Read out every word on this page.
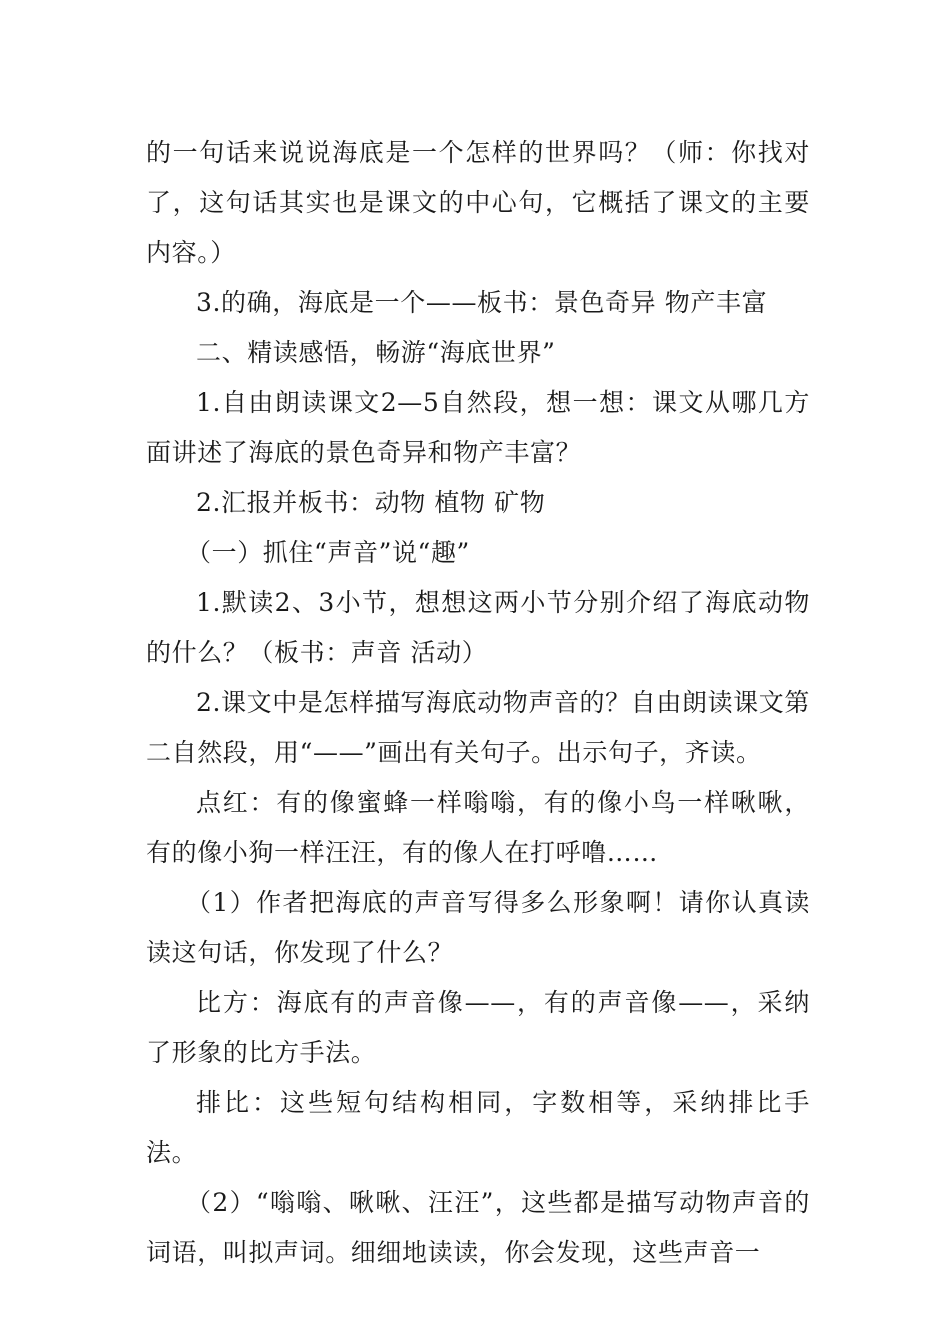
的一句话来说说海底是一个怎样的世界吗？（师：你找对了，这句话其实也是课文的中心句，它概括了课文的主要内容。）

3.的确，海底是一个——板书：景色奇异 物产丰富

二、精读感悟，畅游“海底世界”

1.自由朗读课文2—5自然段，想一想：课文从哪几方面讲述了海底的景色奇异和物产丰富？

2.汇报并板书：动物 植物 矿物

（一）抓住“声音”说“趣”

1.默读2、3小节，想想这两小节分别介绍了海底动物的什么？（板书：声音 活动）

2.课文中是怎样描写海底动物声音的？自由朗读课文第二自然段，用“——”画出有关句子。出示句子，齐读。

点红：有的像蜜蜂一样嗡嗡，有的像小鸟一样啾啾，有的像小狗一样汪汪，有的像人在打呼噜……

（1）作者把海底的声音写得多么形象啊！请你认真读读这句话，你发现了什么？

比方：海底有的声音像——，有的声音像——，采纳了形象的比方手法。

排比：这些短句结构相同，字数相等，采纳排比手法。

（2）“嗡嗡、啾啾、汪汪”，这些都是描写动物声音的词语，叫拟声词。细细地读读，你会发现，这些声音一
